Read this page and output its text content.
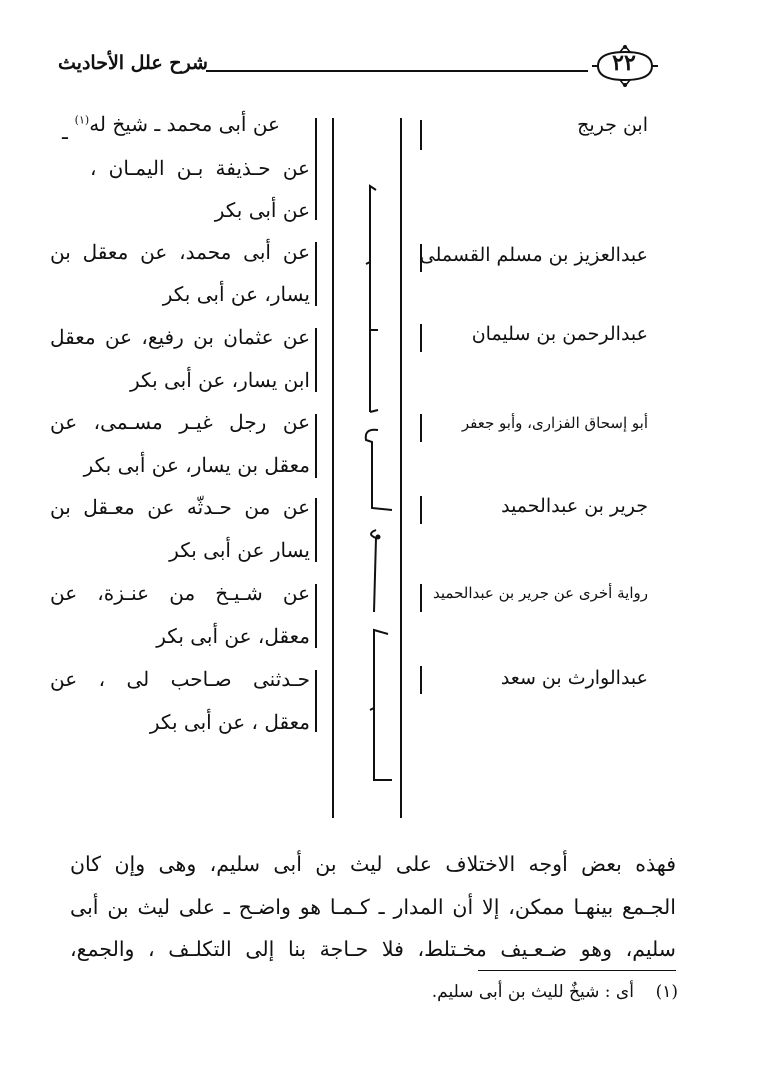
٢٢
شرح علل الأحاديث
ابن جريج
عبدالعزيز بن مسلم القسملى
عبدالرحمن بن سليمان
أبو إسحاق الفزارى، وأبو جعفر
جرير بن عبدالحميد
رواية أخرى عن جرير بن عبدالحميد
عبدالوارث بن سعد
عن أبى محمد ـ شيخ له$^{(١)}$
ـ
عن حـذيفة بـن اليمـان ،
عن أبى بكر
عن أبى محمد، عن معقل بن
يسار، عن أبى بكر
عن عثمان بن رفيع، عن معقل
ابن يسار، عن أبى بكر
عن رجل غيـر مسـمى، عن
معقل بن يسار، عن أبى بكر
عن من حـدثّه عن معـقل بن
يسار عن أبى بكر
عن شـيـخ من عنـزة، عن
معقل، عن أبى بكر
حـدثنى صـاحب لى ، عن
معقل ، عن أبى بكر
فهذه بعض أوجه الاختلاف على ليث بن أبى سليم، وهى وإن كان
الجـمع بينهـا ممكن، إلا أن المدار ـ كـمـا هو واضـح ـ على ليث بن أبى
سليم، وهو ضـعـيف مخـتلط، فلا حـاجة بنا إلى التكلـف ، والجمع،
(١)    أى : شيخٌ لليث بن أبى سليم.
